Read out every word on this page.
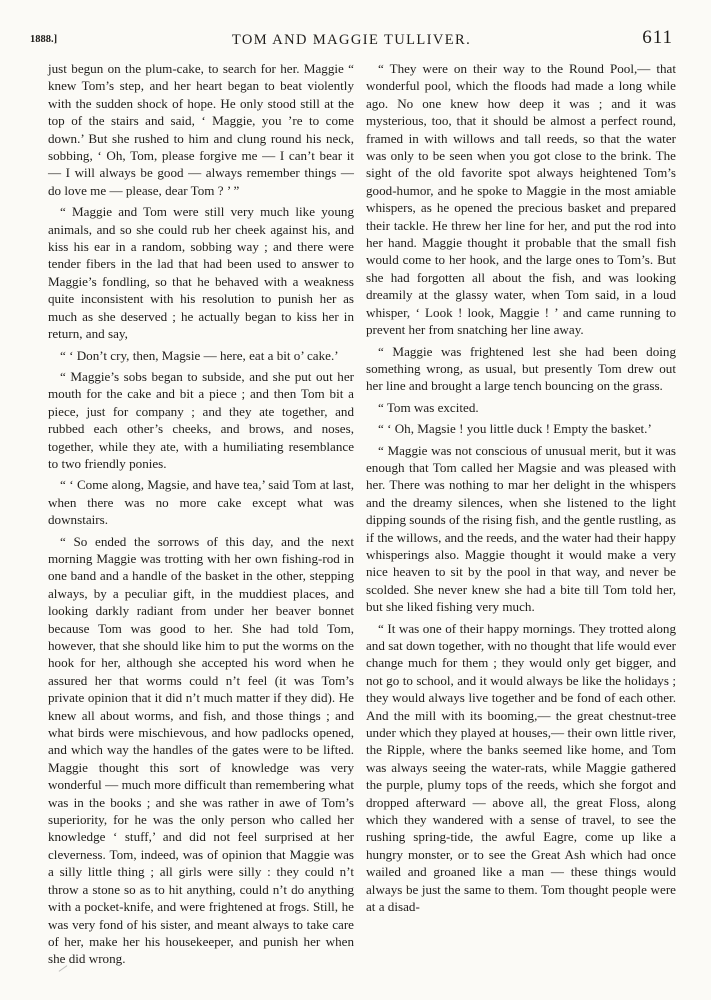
1888.]	TOM AND MAGGIE TULLIVER.	611

just begun on the plum-cake, to search for her. Maggie “ knew Tom’s step, and her heart began to beat violently with the sudden shock of hope. He only stood still at the top of the stairs and said, ‘ Maggie, you ’re to come down.’ But she rushed to him and clung round his neck, sobbing, ‘ Oh, Tom, please forgive me — I can’t bear it — I will always be good — always remember things — do love me — please, dear Tom ? ’ ”

“ Maggie and Tom were still very much like young animals, and so she could rub her cheek against his, and kiss his ear in a random, sobbing way ; and there were tender fibers in the lad that had been used to answer to Maggie’s fondling, so that he behaved with a weakness quite inconsistent with his resolution to punish her as much as she deserved ; he actually began to kiss her in return, and say,

“ ‘ Don’t cry, then, Magsie — here, eat a bit o’ cake.’

“ Maggie’s sobs began to subside, and she put out her mouth for the cake and bit a piece ; and then Tom bit a piece, just for company ; and they ate together, and rubbed each other’s cheeks, and brows, and noses, together, while they ate, with a humiliating resemblance to two friendly ponies.

“ ‘ Come along, Magsie, and have tea,’ said Tom at last, when there was no more cake except what was downstairs.

“ So ended the sorrows of this day, and the next morning Maggie was trotting with her own fishing-rod in one band and a handle of the basket in the other, stepping always, by a peculiar gift, in the muddiest places, and looking darkly radiant from under her beaver bonnet because Tom was good to her. She had told Tom, however, that she should like him to put the worms on the hook for her, although she accepted his word when he assured her that worms could n’t feel (it was Tom’s private opinion that it did n’t much matter if they did). He knew all about worms, and fish, and those things ; and what birds were mischievous, and how padlocks opened, and which way the handles of the gates were to be lifted. Maggie thought this sort of knowledge was very wonderful — much more difficult than remembering what was in the books ; and she was rather in awe of Tom’s superiority, for he was the only person who called her knowledge ‘ stuff,’ and did not feel surprised at her cleverness. Tom, indeed, was of opinion that Maggie was a silly little thing ; all girls were silly : they could n’t throw a stone so as to hit anything, could n’t do anything with a pocket-knife, and were frightened at frogs. Still, he was very fond of his sister, and meant always to take care of her, make her his housekeeper, and punish her when she did wrong.

“ They were on their way to the Round Pool,— that wonderful pool, which the floods had made a long while ago. No one knew how deep it was ; and it was mysterious, too, that it should be almost a perfect round, framed in with willows and tall reeds, so that the water was only to be seen when you got close to the brink. The sight of the old favorite spot always heightened Tom’s good-humor, and he spoke to Maggie in the most amiable whispers, as he opened the precious basket and prepared their tackle. He threw her line for her, and put the rod into her hand. Maggie thought it probable that the small fish would come to her hook, and the large ones to Tom’s. But she had forgotten all about the fish, and was looking dreamily at the glassy water, when Tom said, in a loud whisper, ‘ Look ! look, Maggie ! ’ and came running to prevent her from snatching her line away.

“ Maggie was frightened lest she had been doing something wrong, as usual, but presently Tom drew out her line and brought a large tench bouncing on the grass.

“ Tom was excited.

“ ‘ Oh, Magsie ! you little duck ! Empty the basket.’

“ Maggie was not conscious of unusual merit, but it was enough that Tom called her Magsie and was pleased with her. There was nothing to mar her delight in the whispers and the dreamy silences, when she listened to the light dipping sounds of the rising fish, and the gentle rustling, as if the willows, and the reeds, and the water had their happy whisperings also. Maggie thought it would make a very nice heaven to sit by the pool in that way, and never be scolded. She never knew she had a bite till Tom told her, but she liked fishing very much.

“ It was one of their happy mornings. They trotted along and sat down together, with no thought that life would ever change much for them ; they would only get bigger, and not go to school, and it would always be like the holidays ; they would always live together and be fond of each other. And the mill with its booming,— the great chestnut-tree under which they played at houses,— their own little river, the Ripple, where the banks seemed like home, and Tom was always seeing the water-rats, while Maggie gathered the purple, plumy tops of the reeds, which she forgot and dropped afterward — above all, the great Floss, along which they wandered with a sense of travel, to see the rushing spring-tide, the awful Eagre, come up like a hungry monster, or to see the Great Ash which had once wailed and groaned like a man — these things would always be just the same to them. Tom thought people were at a disad-
